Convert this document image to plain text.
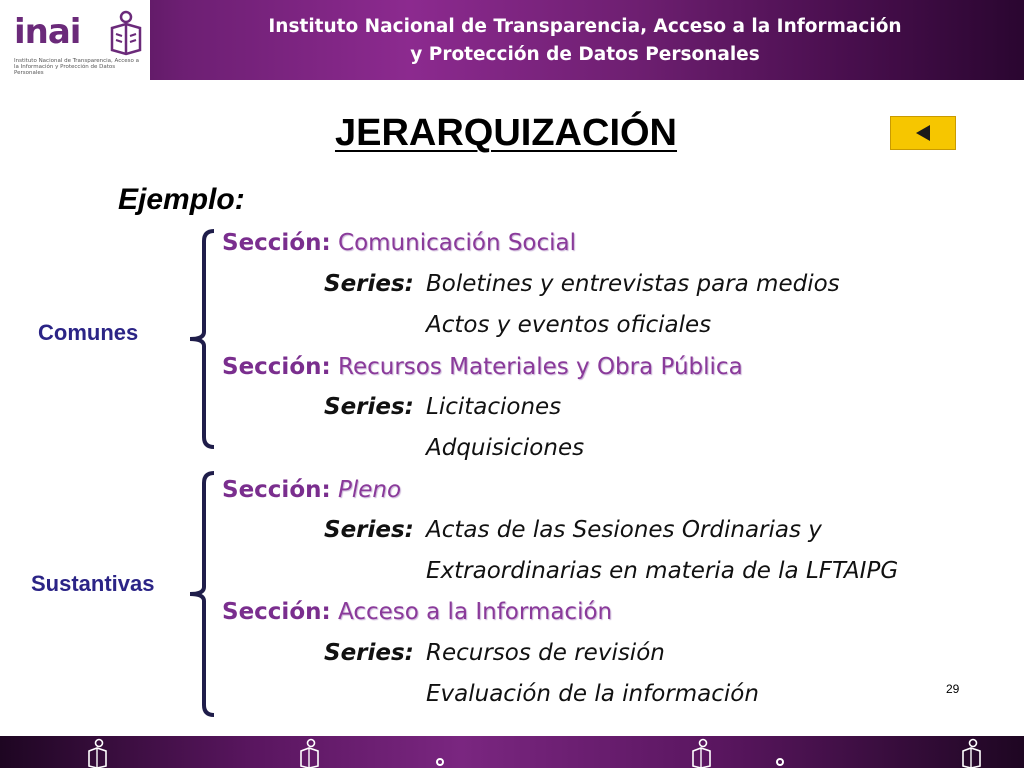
inai
Instituto Nacional de Transparencia, Acceso a la Información y Protección de Datos Personales
Instituto Nacional de Transparencia, Acceso a la Información
y Protección de Datos Personales
JERARQUIZACIÓN
Ejemplo:
Comunes
Sustantivas
Sección: Comunicación Social
Series: Boletines y entrevistas para medios
Actos y eventos oficiales
Sección: Recursos Materiales y Obra Pública
Series: Licitaciones
Adquisiciones
Sección: Pleno
Series: Actas de las Sesiones Ordinarias y
Extraordinarias en materia de la LFTAIPG
Sección: Acceso a la Información
Series: Recursos de revisión
Evaluación de la información	29
